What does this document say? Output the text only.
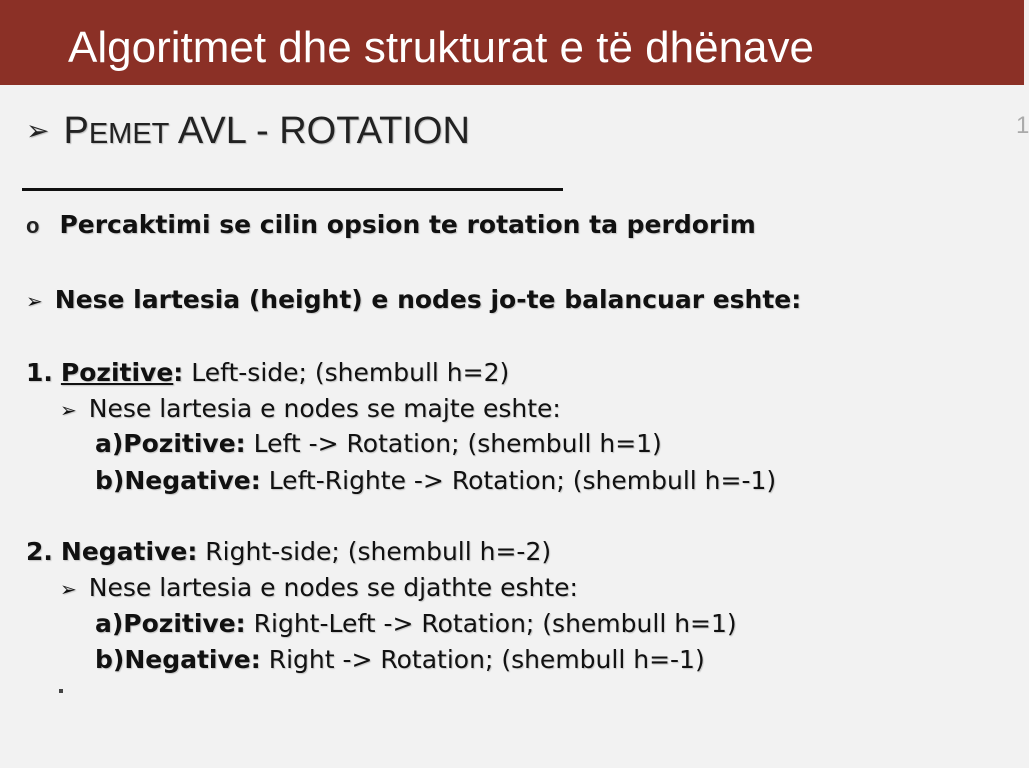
Algoritmet dhe strukturat e të dhënave
1
➢ PEMET AVL - ROTATION
o Percaktimi se cilin opsion te rotation ta perdorim
➢ Nese lartesia (height) e nodes jo-te balancuar eshte:
1. Pozitive: Left-side; (shembull h=2)
➢ Nese lartesia e nodes se majte eshte:
a)Pozitive: Left -> Rotation; (shembull h=1)
b)Negative: Left-Righte -> Rotation; (shembull h=-1)
2. Negative: Right-side; (shembull h=-2)
➢ Nese lartesia e nodes se djathte eshte:
a)Pozitive: Right-Left -> Rotation; (shembull h=1)
b)Negative: Right -> Rotation; (shembull h=-1)
